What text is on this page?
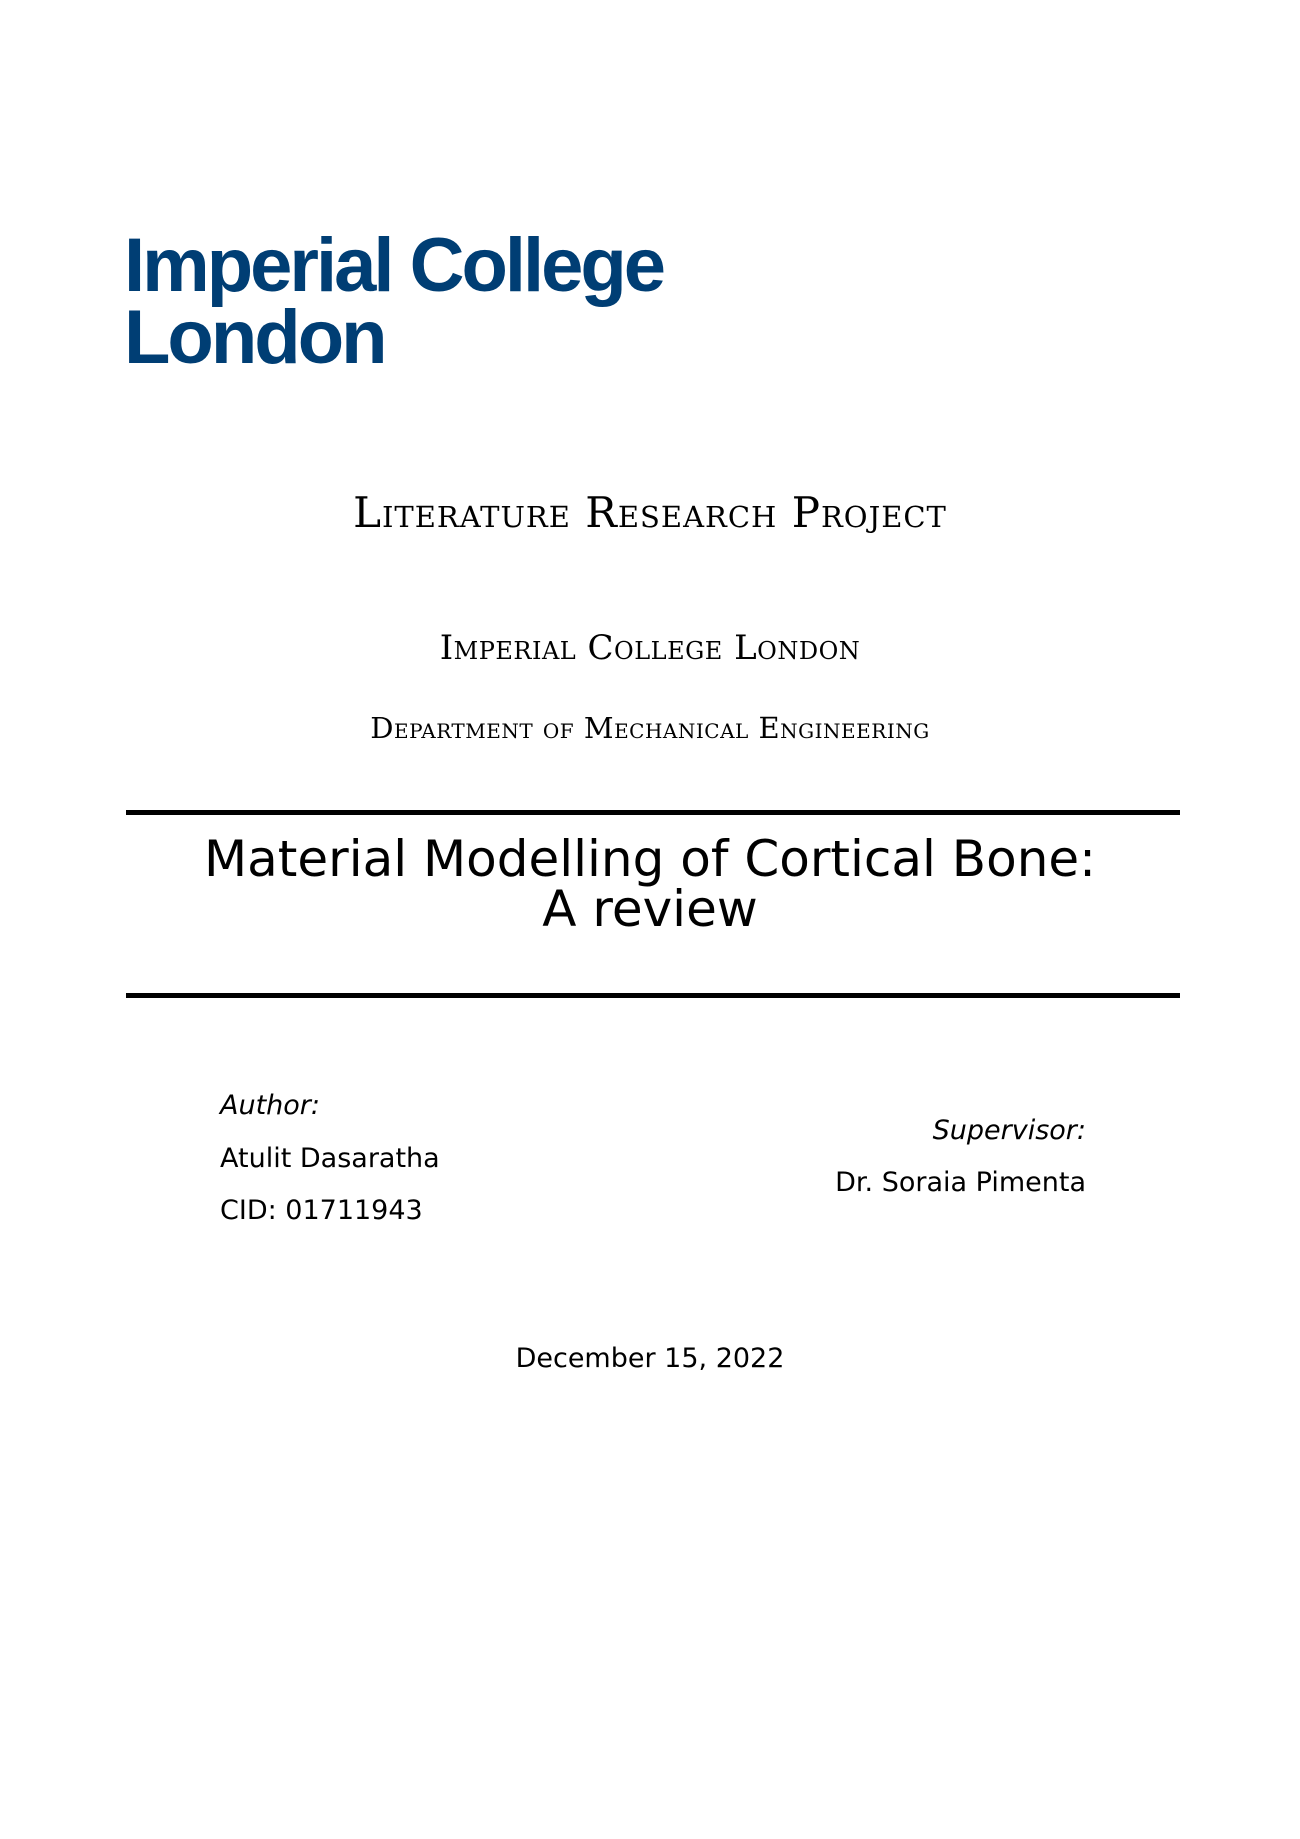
Imperial College
London
Literature Research Project
Imperial College London
Department of Mechanical Engineering
Material Modelling of Cortical Bone:
A review
Author:
Atulit Dasaratha
CID: 01711943
Supervisor:
Dr. Soraia Pimenta
December 15, 2022
